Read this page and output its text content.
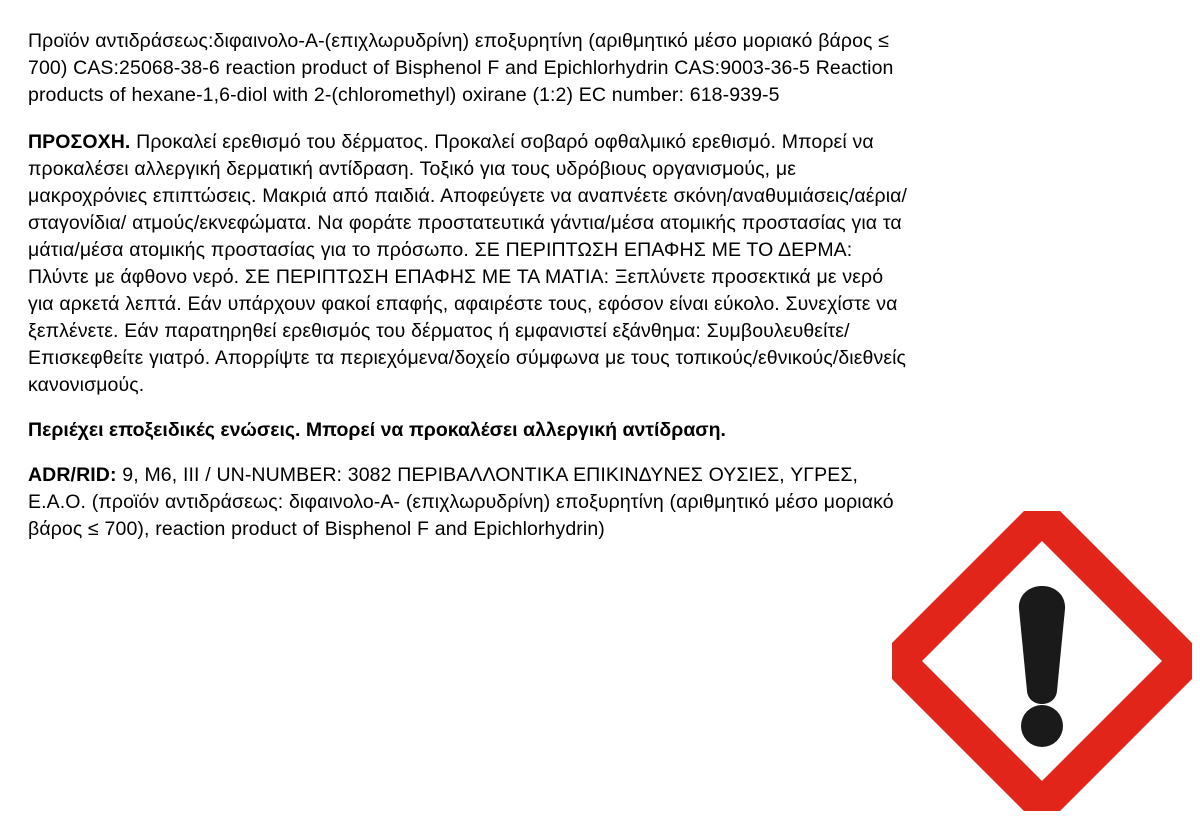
Προϊόν αντιδράσεως:διφαινολο-Α-(επιχλωρυδρίνη) εποξυρητίνη (αριθμητικό μέσο μοριακό βάρος ≤ 700) CAS:25068-38-6 reaction product of Bisphenol F and Epichlorhydrin CAS:9003-36-5 Reaction products of hexane-1,6-diol with 2-(chloromethyl) oxirane (1:2) EC number: 618-939-5

ΠΡΟΣΟΧΗ. Προκαλεί ερεθισμό του δέρματος. Προκαλεί σοβαρό οφθαλμικό ερεθισμό. Μπορεί να προκαλέσει αλλεργική δερματική αντίδραση. Τοξικό για τους υδρόβιους οργανισμούς, με μακροχρόνιες επιπτώσεις. Μακριά από παιδιά. Αποφεύγετε να αναπνέετε σκόνη/αναθυμιάσεις/αέρια/σταγονίδια/ ατμούς/εκνεφώματα. Να φοράτε προστατευτικά γάντια/μέσα ατομικής προστασίας για τα μάτια/μέσα ατομικής προστασίας για το πρόσωπο. ΣΕ ΠΕΡΙΠΤΩΣΗ ΕΠΑΦΗΣ ΜΕ ΤΟ ΔΕΡΜΑ: Πλύντε με άφθονο νερό. ΣΕ ΠΕΡΙΠΤΩΣΗ ΕΠΑΦΗΣ ΜΕ ΤΑ ΜΑΤΙΑ: Ξεπλύνετε προσεκτικά με νερό για αρκετά λεπτά. Εάν υπάρχουν φακοί επαφής, αφαιρέστε τους, εφόσον είναι εύκολο. Συνεχίστε να ξεπλένετε. Εάν παρατηρηθεί ερεθισμός του δέρματος ή εμφανιστεί εξάνθημα: Συμβουλευθείτε/Επισκεφθείτε γιατρό. Απορρίψτε τα περιεχόμενα/δοχείο σύμφωνα με τους τοπικούς/εθνικούς/διεθνείς κανονισμούς.

Περιέχει εποξειδικές ενώσεις. Μπορεί να προκαλέσει αλλεργική αντίδραση.

ADR/RID: 9, M6, III / UN-NUMBER: 3082 ΠΕΡΙΒΑΛΛΟΝΤΙΚΑ ΕΠΙΚΙΝΔΥΝΕΣ ΟΥΣΙΕΣ, ΥΓΡΕΣ, Ε.Α.Ο. (προϊόν αντιδράσεως: διφαινολο-Α- (επιχλωρυδρίνη) εποξυρητίνη (αριθμητικό μέσο μοριακό βάρος ≤ 700), reaction product of Bisphenol F and Epichlorhydrin)
